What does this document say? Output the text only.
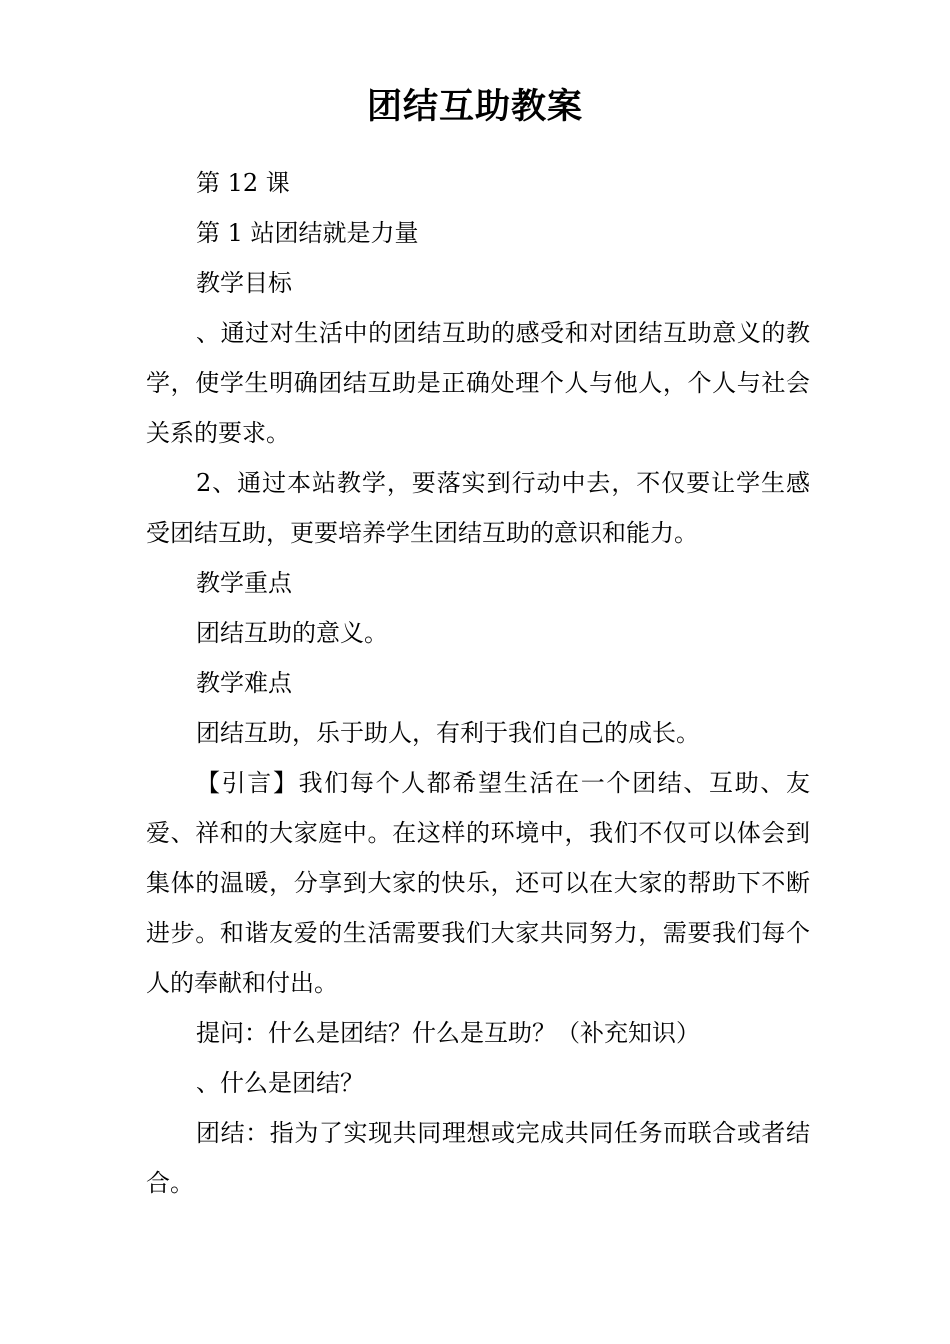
团结互助教案

第 12 课

第 1 站团结就是力量

教学目标

、通过对生活中的团结互助的感受和对团结互助意义的教学，使学生明确团结互助是正确处理个人与他人，个人与社会关系的要求。

2、通过本站教学，要落实到行动中去，不仅要让学生感受团结互助，更要培养学生团结互助的意识和能力。

教学重点

团结互助的意义。

教学难点

团结互助，乐于助人，有利于我们自己的成长。

【引言】我们每个人都希望生活在一个团结、互助、友爱、祥和的大家庭中。在这样的环境中，我们不仅可以体会到集体的温暖，分享到大家的快乐，还可以在大家的帮助下不断进步。和谐友爱的生活需要我们大家共同努力，需要我们每个人的奉献和付出。

提问：什么是团结？什么是互助？（补充知识）

、什么是团结？

团结：指为了实现共同理想或完成共同任务而联合或者结合。
